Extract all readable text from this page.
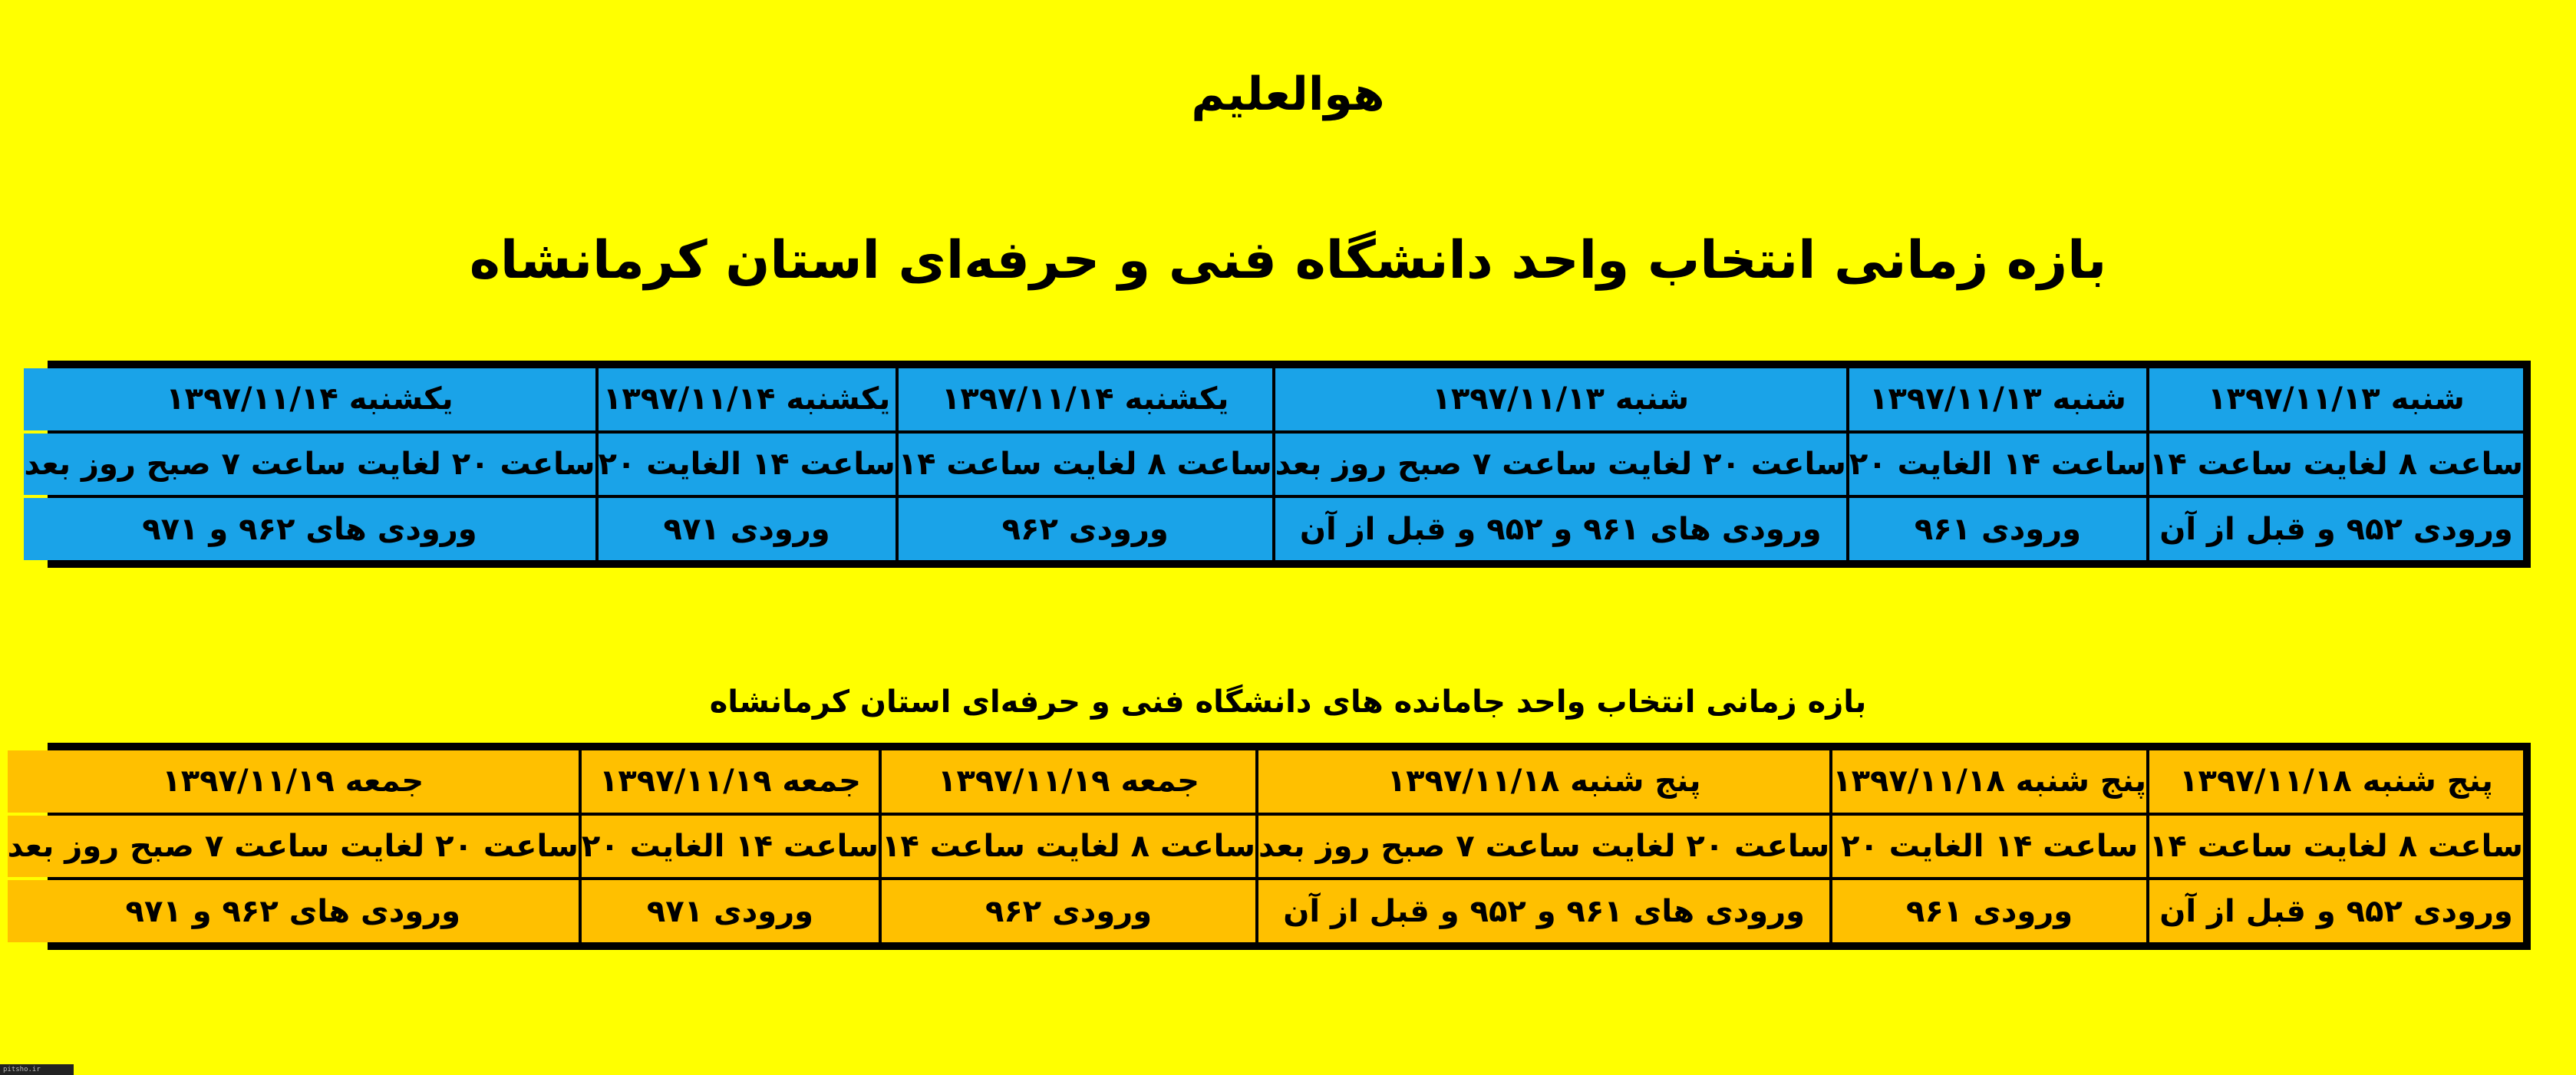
هوالعلیم
بازه زمانی انتخاب واحد دانشگاه فنی و حرفه‌ای استان کرمانشاه
شنبه ۱۳۹۷/۱۱/۱۳
شنبه ۱۳۹۷/۱۱/۱۳
شنبه ۱۳۹۷/۱۱/۱۳
یکشنبه ۱۳۹۷/۱۱/۱۴
یکشنبه ۱۳۹۷/۱۱/۱۴
یکشنبه ۱۳۹۷/۱۱/۱۴
ساعت ۸ لغایت ساعت ۱۴
ساعت ۱۴ الغایت ۲۰
ساعت ۲۰ لغایت ساعت ۷ صبح روز بعد
ساعت ۸ لغایت ساعت ۱۴
ساعت ۱۴ الغایت ۲۰
ساعت ۲۰ لغایت ساعت ۷ صبح روز بعد
ورودی ۹۵۲ و قبل از آن
ورودی ۹۶۱
ورودی های ۹۶۱ و ۹۵۲ و قبل از آن
ورودی ۹۶۲
ورودی ۹۷۱
ورودی های ۹۶۲ و ۹۷۱
بازه زمانی انتخاب واحد جامانده های دانشگاه فنی و حرفه‌ای استان کرمانشاه
پنج شنبه ۱۳۹۷/۱۱/۱۸
پنج شنبه ۱۳۹۷/۱۱/۱۸
پنج شنبه ۱۳۹۷/۱۱/۱۸
جمعه ۱۳۹۷/۱۱/۱۹
جمعه ۱۳۹۷/۱۱/۱۹
جمعه ۱۳۹۷/۱۱/۱۹
ساعت ۸ لغایت ساعت ۱۴
ساعت ۱۴ الغایت ۲۰
ساعت ۲۰ لغایت ساعت ۷ صبح روز بعد
ساعت ۸ لغایت ساعت ۱۴
ساعت ۱۴ الغایت ۲۰
ساعت ۲۰ لغایت ساعت ۷ صبح روز بعد
ورودی ۹۵۲ و قبل از آن
ورودی ۹۶۱
ورودی های ۹۶۱ و ۹۵۲ و قبل از آن
ورودی ۹۶۲
ورودی ۹۷۱
ورودی های ۹۶۲ و ۹۷۱
pitsho.ir
